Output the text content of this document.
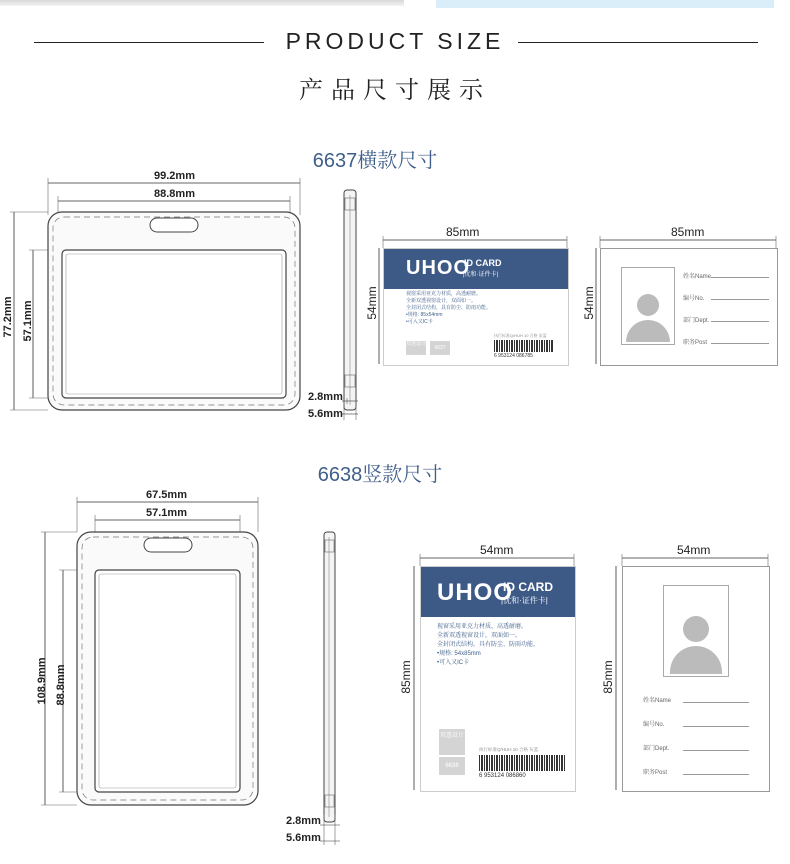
PRODUCT SIZE
产品尺寸展示
6637横款尺寸
99.2mm
88.8mm
77.2mm 57.1mm
2.8mm
5.6mm
85mm
54mm
UHOO
ID CARD
|优和·证件卡|
视窗采用亚克力材质，高透耐磨。
全新双透视窗设计，双面如一。
全封闭式结构，具有防尘、防雨功能。
•规格: 85x54mm
•可入又IC卡
双透设计
6637
执行标准Q/HUH 10 合格 灰蓝
6 953124 086785
85mm
54mm
姓名Name
编号No.
部门Dept.
职务Post
6638竖款尺寸
67.5mm
57.1mm
108.9mm 88.8mm
2.8mm
5.6mm
54mm
85mm
UHOO
ID CARD
|优和·证件卡|
视窗采用亚克力材质，高透耐磨。
全新双透视窗设计，双面如一。
全封闭式结构，具有防尘、防雨功能。
•规格: 54x85mm
•可入又IC卡
双透设计
6638
执行标准Q/HUH 10 合格 灰蓝
6 953124 086860
54mm
85mm
姓名Name
编号No.
部门Dept.
职务Post
